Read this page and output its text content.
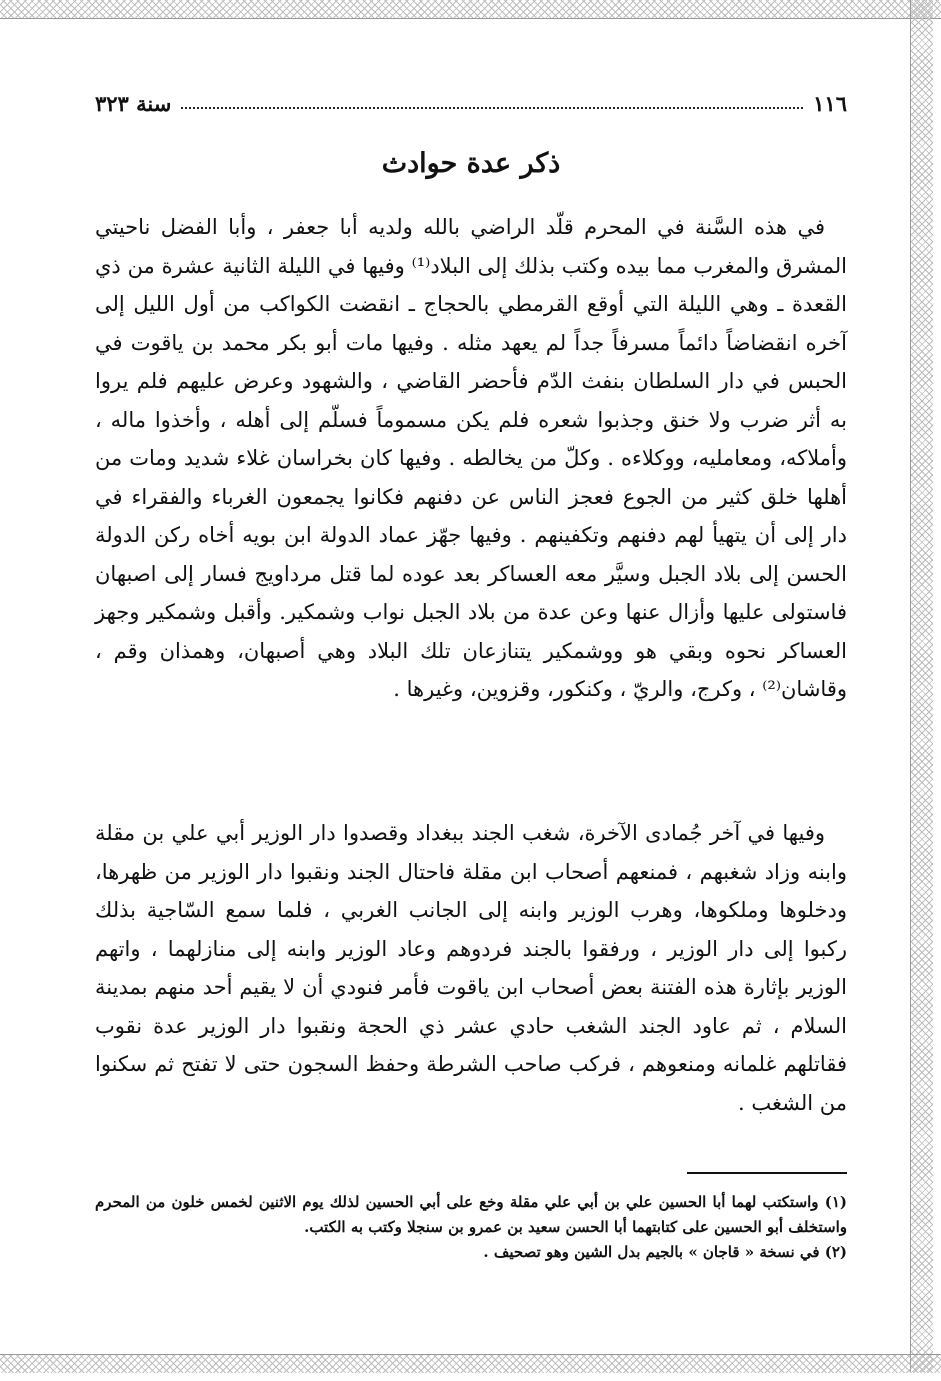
١١٦
سنة ٣٢٣
ذكر عدة حوادث

في هذه السَّنة في المحرم قلّد الراضي بالله ولديه أبا جعفر ، وأبا الفضل ناحيتي المشرق والمغرب مما بيده وكتب بذلك إلى البلاد⁽¹⁾ وفيها في الليلة الثانية عشرة من ذي القعدة ـ وهي الليلة التي أوقع القرمطي بالحجاج ـ انقضت الكواكب من أول الليل إلى آخره انقضاضاً دائماً مسرفاً جداً لم يعهد مثله . وفيها مات أبو بكر محمد بن ياقوت في الحبس في دار السلطان بنفث الدّم فأحضر القاضي ، والشهود وعرض عليهم فلم يروا به أثر ضرب ولا خنق وجذبوا شعره فلم يكن مسموماً فسلّم إلى أهله ، وأخذوا ماله ، وأملاكه، ومعامليه، ووكلاءه . وكلّ من يخالطه . وفيها كان بخراسان غلاء شديد ومات من أهلها خلق كثير من الجوع فعجز الناس عن دفنهم فكانوا يجمعون الغرباء والفقراء في دار إلى أن يتهيأ لهم دفنهم وتكفينهم . وفيها جهّز عماد الدولة ابن بويه أخاه ركن الدولة الحسن إلى بلاد الجبل وسيَّر معه العساكر بعد عوده لما قتل مرداويج فسار إلى اصبهان فاستولى عليها وأزال عنها وعن عدة من بلاد الجبل نواب وشمكير. وأقبل وشمكير وجهز العساكر نحوه وبقي هو ووشمكير يتنازعان تلك البلاد وهي أصبهان، وهمذان وقم ، وقاشان⁽²⁾ ، وكرج، والريّ ، وكنكور، وقزوين، وغيرها .

وفيها في آخر جُمادى الآخرة، شغب الجند ببغداد وقصدوا دار الوزير أبي علي بن مقلة وابنه وزاد شغبهم ، فمنعهم أصحاب ابن مقلة فاحتال الجند ونقبوا دار الوزير من ظهرها، ودخلوها وملكوها، وهرب الوزير وابنه إلى الجانب الغربي ، فلما سمع السّاجية بذلك ركبوا إلى دار الوزير ، ورفقوا بالجند فردوهم وعاد الوزير وابنه إلى منازلهما ، واتهم الوزير بإثارة هذه الفتنة بعض أصحاب ابن ياقوت فأمر فنودي أن لا يقيم أحد منهم بمدينة السلام ، ثم عاود الجند الشغب حادي عشر ذي الحجة ونقبوا دار الوزير عدة نقوب فقاتلهم غلمانه ومنعوهم ، فركب صاحب الشرطة وحفظ السجون حتى لا تفتح ثم سكنوا من الشغب .

(١) واستكتب لهما أبا الحسين علي بن أبي علي مقلة وخع على أبي الحسين لذلك يوم الاثنين لخمس خلون من المحرم واستخلف أبو الحسين على كتابتهما أبا الحسن سعيد بن عمرو بن سنجلا وكتب به الكتب.

(٢) في نسخة « قاجان » بالجيم بدل الشين وهو تصحيف .
